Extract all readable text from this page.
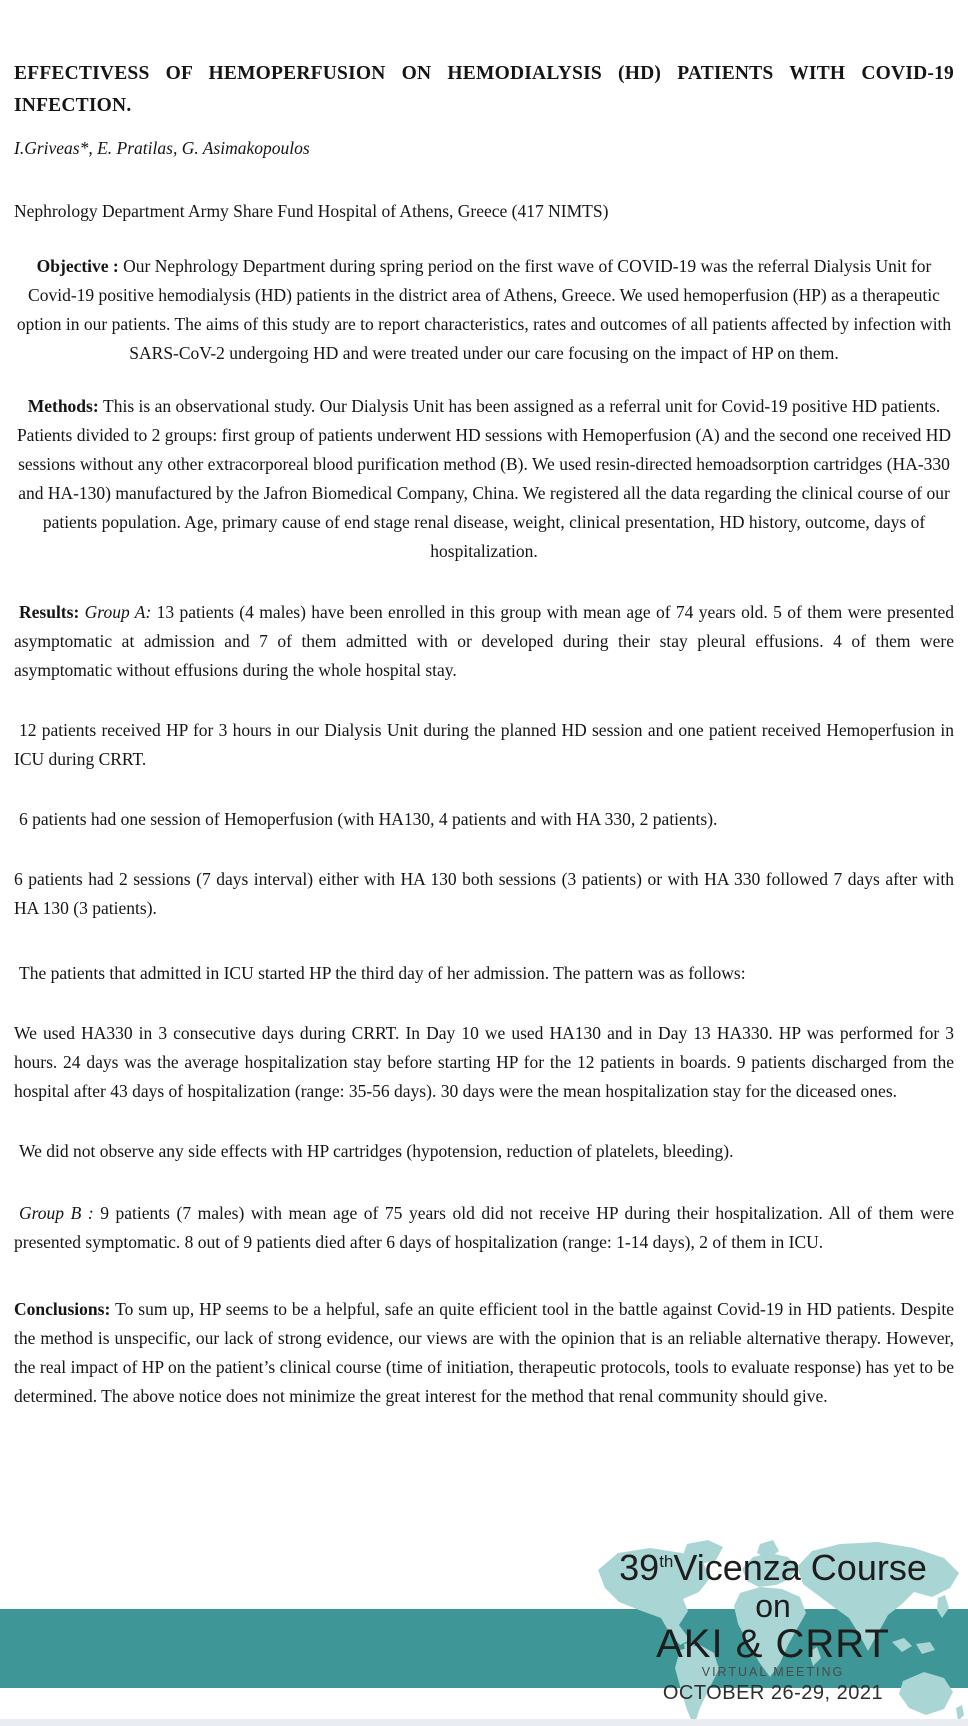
EFFECTIVESS OF HEMOPERFUSION ON HEMODIALYSIS (HD) PATIENTS WITH COVID-19 INFECTION.

I.Griveas*, E. Pratilas, G. Asimakopoulos

Nephrology Department Army Share Fund Hospital of Athens, Greece (417 NIMTS)

Objective : Our Nephrology Department during spring period on the first wave of COVID-19 was the referral Dialysis Unit for Covid-19 positive hemodialysis (HD) patients in the district area of Athens, Greece. We used hemoperfusion (HP) as a therapeutic option in our patients. The aims of this study are to report characteristics, rates and outcomes of all patients affected by infection with SARS-CoV-2 undergoing HD and were treated under our care focusing on the impact of HP on them.

Methods: This is an observational study. Our Dialysis Unit has been assigned as a referral unit for Covid-19 positive HD patients. Patients divided to 2 groups: first group of patients underwent HD sessions with Hemoperfusion (A) and the second one received HD sessions without any other extracorporeal blood purification method (B). We used resin-directed hemoadsorption cartridges (HA-330 and HA-130) manufactured by the Jafron Biomedical Company, China. We registered all the data regarding the clinical course of our patients population. Age, primary cause of end stage renal disease, weight, clinical presentation, HD history, outcome, days of hospitalization.

Results: Group A: 13 patients (4 males) have been enrolled in this group with mean age of 74 years old. 5 of them were presented asymptomatic at admission and 7 of them admitted with or developed during their stay pleural effusions. 4 of them were asymptomatic without effusions during the whole hospital stay.

12 patients received HP for 3 hours in our Dialysis Unit during the planned HD session and one patient received Hemoperfusion in ICU during CRRT.

6 patients had one session of Hemoperfusion (with HA130, 4 patients and with HA 330, 2 patients).

6 patients had 2 sessions (7 days interval) either with HA 130 both sessions (3 patients) or with HA 330 followed 7 days after with HA 130 (3 patients).

The patients that admitted in ICU started HP the third day of her admission. The pattern was as follows:

We used HA330 in 3 consecutive days during CRRT. In Day 10 we used HA130 and in Day 13 HA330. HP was performed for 3 hours. 24 days was the average hospitalization stay before starting HP for the 12 patients in boards. 9 patients discharged from the hospital after 43 days of hospitalization (range: 35-56 days). 30 days were the mean hospitalization stay for the diceased ones.

We did not observe any side effects with HP cartridges (hypotension, reduction of platelets, bleeding).

Group B : 9 patients (7 males) with mean age of 75 years old did not receive HP during their hospitalization. All of them were presented symptomatic. 8 out of 9 patients died after 6 days of hospitalization (range: 1-14 days), 2 of them in ICU.

Conclusions: To sum up, HP seems to be a helpful, safe an quite efficient tool in the battle against Covid-19 in HD patients. Despite the method is unspecific, our lack of strong evidence, our views are with the opinion that is an reliable alternative therapy. However, the real impact of HP on the patient’s clinical course (time of initiation, therapeutic protocols, tools to evaluate response) has yet to be determined. The above notice does not minimize the great interest for the method that renal community should give.

39thVicenza Course
on
AKI & CRRT
VIRTUAL MEETING
OCTOBER 26-29, 2021
